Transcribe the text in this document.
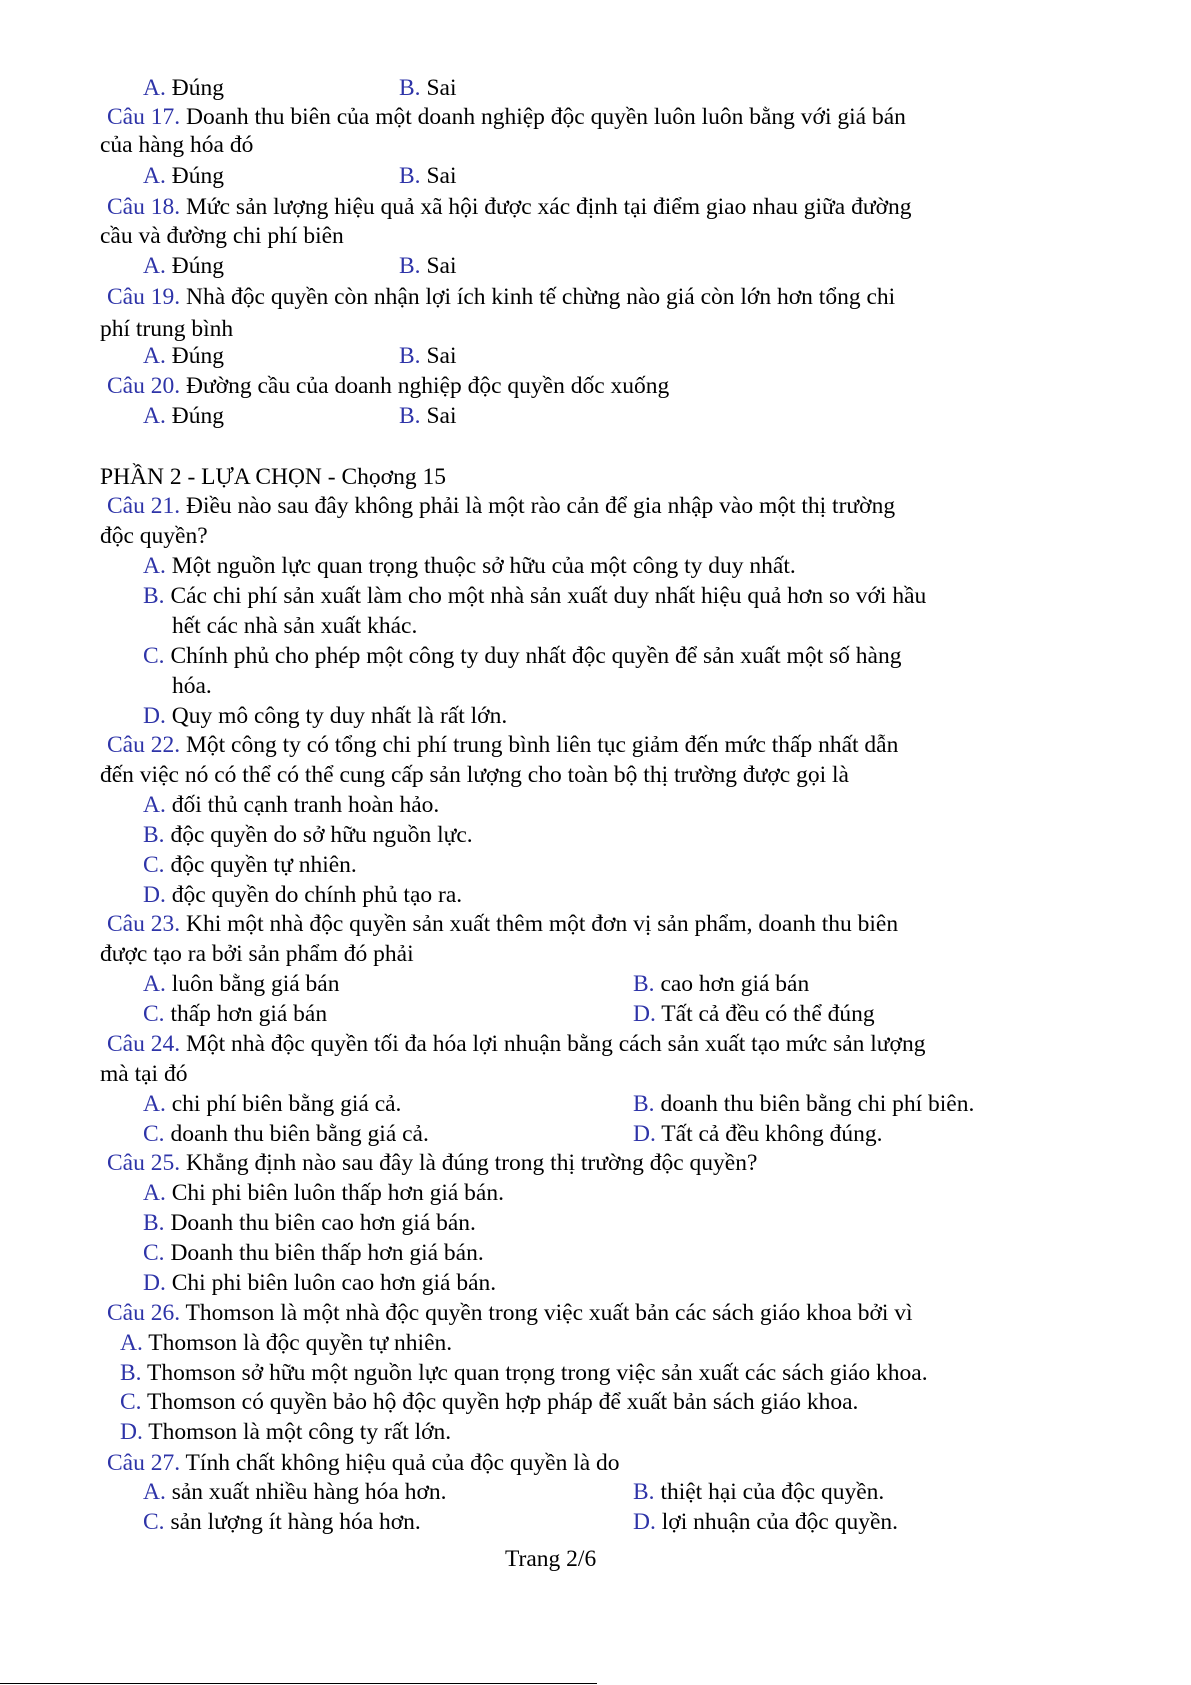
A. Đúng	B. Sai
Câu 17. Doanh thu biên của một doanh nghiệp độc quyền luôn luôn bằng với giá bán
của hàng hóa đó
A. Đúng	B. Sai
Câu 18. Mức sản lượng hiệu quả xã hội được xác định tại điểm giao nhau giữa đường
cầu và đường chi phí biên
A. Đúng	B. Sai
Câu 19. Nhà độc quyền còn nhận lợi ích kinh tế chừng nào giá còn lớn hơn tổng chi
phí trung bình
A. Đúng	B. Sai
Câu 20. Đường cầu của doanh nghiệp độc quyền dốc xuống
A. Đúng	B. Sai
PHẦN 2 - LỰA CHỌN - Chọơng 15
Câu 21. Điều nào sau đây không phải là một rào cản để gia nhập vào một thị trường
độc quyền?
A. Một nguồn lực quan trọng thuộc sở hữu của một công ty duy nhất.
B. Các chi phí sản xuất làm cho một nhà sản xuất duy nhất hiệu quả hơn so với hầu
hết các nhà sản xuất khác.
C. Chính phủ cho phép một công ty duy nhất độc quyền để sản xuất một số hàng
hóa.
D. Quy mô công ty duy nhất là rất lớn.
Câu 22. Một công ty có tổng chi phí trung bình liên tục giảm đến mức thấp nhất dẫn
đến việc nó có thể có thể cung cấp sản lượng cho toàn bộ thị trường được gọi là
A. đối thủ cạnh tranh hoàn hảo.
B. độc quyền do sở hữu nguồn lực.
C. độc quyền tự nhiên.
D. độc quyền do chính phủ tạo ra.
Câu 23. Khi một nhà độc quyền sản xuất thêm một đơn vị sản phẩm, doanh thu biên
được tạo ra bởi sản phẩm đó phải
A. luôn bằng giá bán	B. cao hơn giá bán
C. thấp hơn giá bán	D. Tất cả đều có thể đúng
Câu 24. Một nhà độc quyền tối đa hóa lợi nhuận bằng cách sản xuất tạo mức sản lượng
mà tại đó
A. chi phí biên bằng giá cả.	B. doanh thu biên bằng chi phí biên.
C. doanh thu biên bằng giá cả.	D. Tất cả đều không đúng.
Câu 25. Khẳng định nào sau đây là đúng trong thị trường độc quyền?
A. Chi phi biên luôn thấp hơn giá bán.
B. Doanh thu biên cao hơn giá bán.
C. Doanh thu biên thấp hơn giá bán.
D. Chi phi biên luôn cao hơn giá bán.
Câu 26. Thomson là một nhà độc quyền trong việc xuất bản các sách giáo khoa bởi vì
A. Thomson là độc quyền tự nhiên.
B. Thomson sở hữu một nguồn lực quan trọng trong việc sản xuất các sách giáo khoa.
C. Thomson có quyền bảo hộ độc quyền hợp pháp để xuất bản sách giáo khoa.
D. Thomson là một công ty rất lớn.
Câu 27. Tính chất không hiệu quả của độc quyền là do
A. sản xuất nhiều hàng hóa hơn.	B. thiệt hại của độc quyền.
C. sản lượng ít hàng hóa hơn.	D. lợi nhuận của độc quyền.
Trang 2/6
